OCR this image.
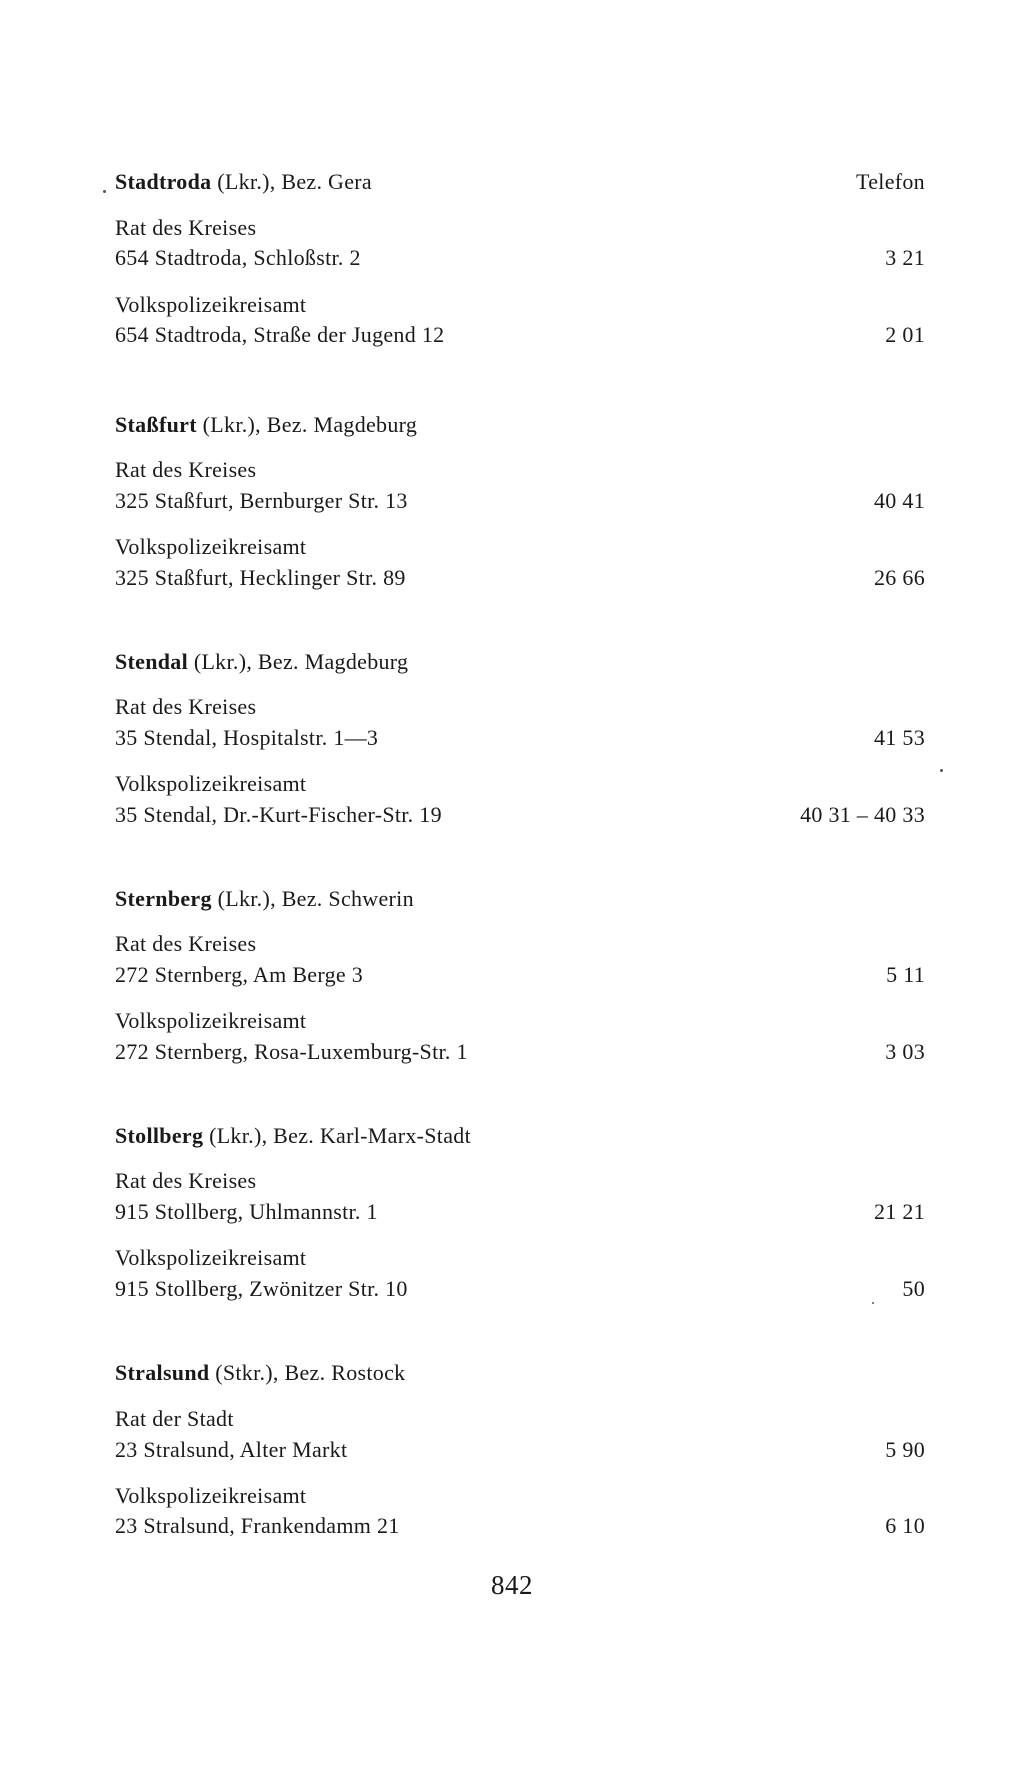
Stadtroda (Lkr.), Bez. Gera	Telefon
Rat des Kreises
654 Stadtroda, Schloßstr. 2	3 21
Volkspolizeikreisamt
654 Stadtroda, Straße der Jugend 12	2 01
Staßfurt (Lkr.), Bez. Magdeburg
Rat des Kreises
325 Staßfurt, Bernburger Str. 13	40 41
Volkspolizeikreisamt
325 Staßfurt, Hecklinger Str. 89	26 66
Stendal (Lkr.), Bez. Magdeburg
Rat des Kreises
35 Stendal, Hospitalstr. 1—3	41 53
Volkspolizeikreisamt
35 Stendal, Dr.-Kurt-Fischer-Str. 19	40 31 – 40 33
Sternberg (Lkr.), Bez. Schwerin
Rat des Kreises
272 Sternberg, Am Berge 3	5 11
Volkspolizeikreisamt
272 Sternberg, Rosa-Luxemburg-Str. 1	3 03
Stollberg (Lkr.), Bez. Karl-Marx-Stadt
Rat des Kreises
915 Stollberg, Uhlmannstr. 1	21 21
Volkspolizeikreisamt
915 Stollberg, Zwönitzer Str. 10	50
Stralsund (Stkr.), Bez. Rostock
Rat der Stadt
23 Stralsund, Alter Markt	5 90
Volkspolizeikreisamt
23 Stralsund, Frankendamm 21	6 10
842
